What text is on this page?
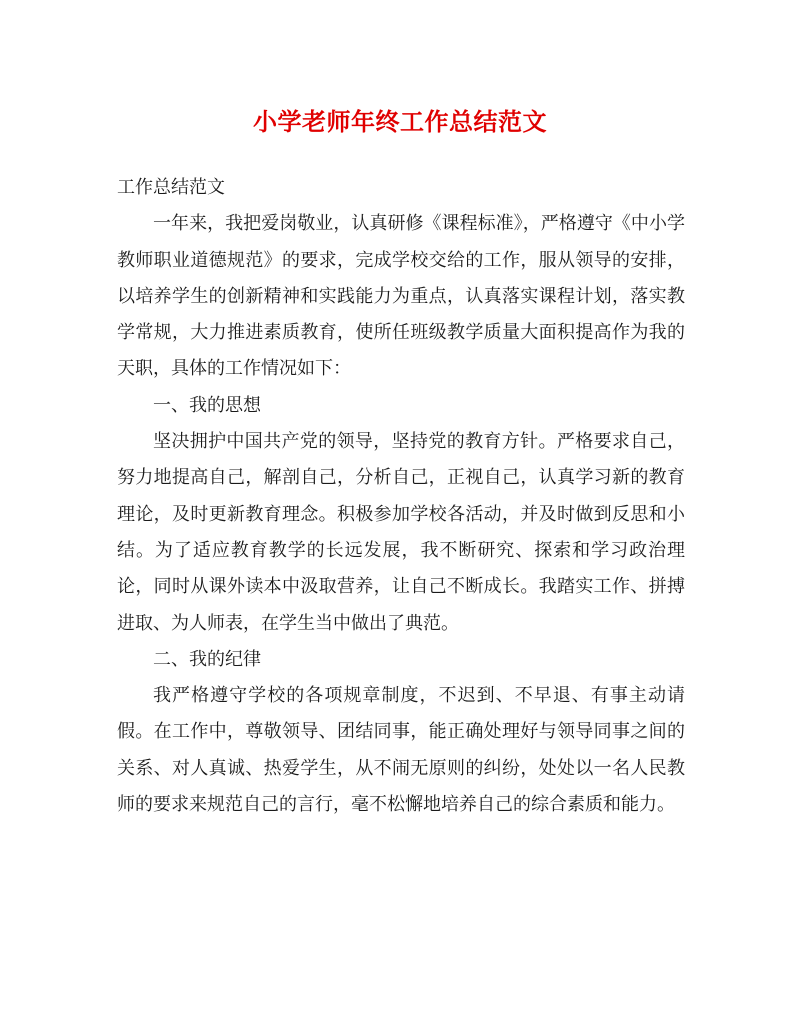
小学老师年终工作总结范文

工作总结范文

一年来，我把爱岗敬业，认真研修《课程标准》，严格遵守《中小学教师职业道德规范》的要求，完成学校交给的工作，服从领导的安排，以培养学生的创新精神和实践能力为重点，认真落实课程计划，落实教学常规，大力推进素质教育，使所任班级教学质量大面积提高作为我的天职，具体的工作情况如下：

一、我的思想

坚决拥护中国共产党的领导，坚持党的教育方针。严格要求自己，努力地提高自己，解剖自己，分析自己，正视自己，认真学习新的教育理论，及时更新教育理念。积极参加学校各活动，并及时做到反思和小结。为了适应教育教学的长远发展，我不断研究、探索和学习政治理论，同时从课外读本中汲取营养，让自己不断成长。我踏实工作、拼搏进取、为人师表，在学生当中做出了典范。

二、我的纪律

我严格遵守学校的各项规章制度，不迟到、不早退、有事主动请假。在工作中，尊敬领导、团结同事，能正确处理好与领导同事之间的关系、对人真诚、热爱学生，从不闹无原则的纠纷，处处以一名人民教师的要求来规范自己的言行，毫不松懈地培养自己的综合素质和能力。
